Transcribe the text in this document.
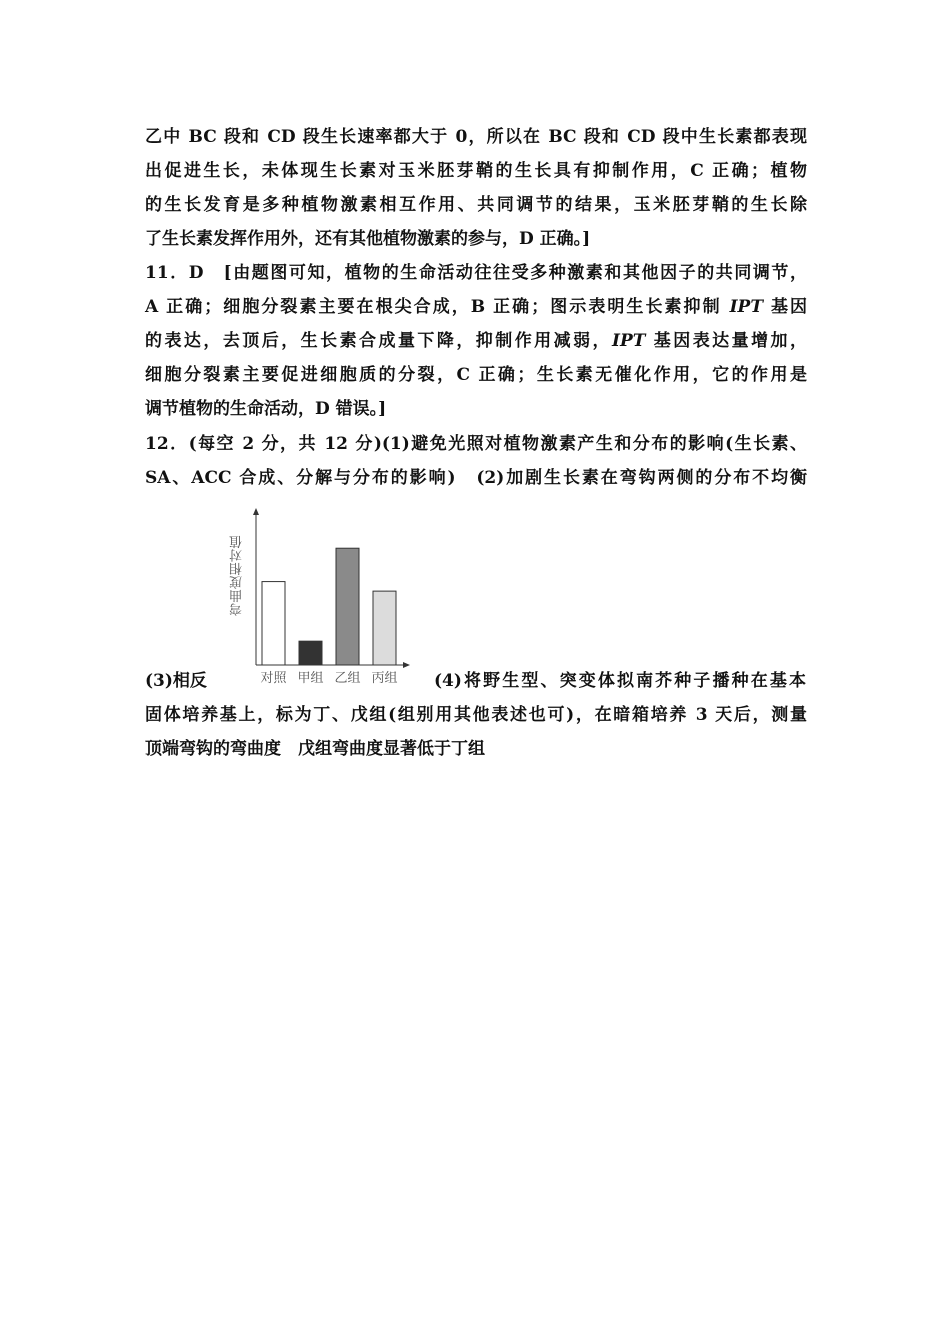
乙中 BC 段和 CD 段生长速率都大于 0，所以在 BC 段和 CD 段中生长素都表现
出促进生长，未体现生长素对玉米胚芽鞘的生长具有抑制作用，C 正确；植物
的生长发育是多种植物激素相互作用、共同调节的结果，玉米胚芽鞘的生长除
了生长素发挥作用外，还有其他植物激素的参与，D 正确。]
11．D　[由题图可知，植物的生命活动往往受多种激素和其他因子的共同调节，
A 正确；细胞分裂素主要在根尖合成，B 正确；图示表明生长素抑制 IPT 基因
的表达，去顶后，生长素合成量下降，抑制作用减弱，IPT 基因表达量增加，
细胞分裂素主要促进细胞质的分裂，C 正确；生长素无催化作用，它的作用是
调节植物的生命活动，D 错误。]
12．(每空 2 分，共 12 分)(1)避免光照对植物激素产生和分布的影响(生长素、
SA、ACC 合成、分解与分布的影响)　(2)加剧生长素在弯钩两侧的分布不均衡
弯曲度相对值
对照 甲组 乙组 丙组
(3)相反	(4)将野生型、突变体拟南芥种子播种在基本
固体培养基上，标为丁、戊组(组别用其他表述也可)，在暗箱培养 3 天后，测量
顶端弯钩的弯曲度　戊组弯曲度显著低于丁组
